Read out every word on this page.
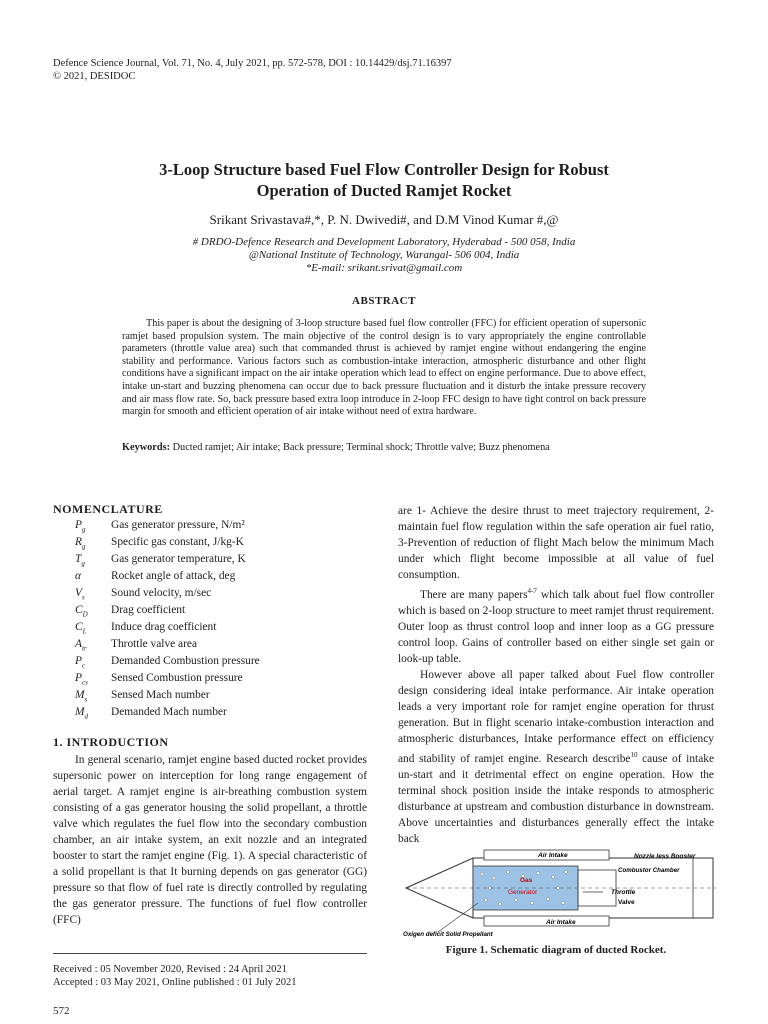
Defence Science Journal, Vol. 71, No. 4, July 2021, pp. 572-578, DOI : 10.14429/dsj.71.16397
© 2021, DESIDOC
3-Loop Structure based Fuel Flow Controller Design for Robust
Operation of Ducted Ramjet Rocket
Srikant Srivastava#,*, P. N. Dwivedi#, and D.M Vinod Kumar #,@
# DRDO-Defence Research and Development Laboratory, Hyderabad - 500 058, India
@National Institute of Technology, Warangal- 506 004, India
*E-mail: srikant.srivat@gmail.com
ABSTRACT
This paper is about the designing of 3-loop structure based fuel flow controller (FFC) for efficient operation of supersonic ramjet based propulsion system. The main objective of the control design is to vary appropriately the engine controllable parameters (throttle value area) such that commanded thrust is achieved by ramjet engine without endangering the engine stability and performance. Various factors such as combustion-intake interaction, atmospheric disturbance and other flight conditions have a significant impact on the air intake operation which lead to effect on engine performance. Due to above effect, intake un-start and buzzing phenomena can occur due to back pressure fluctuation and it disturb the intake pressure recovery and air mass flow rate. So, back pressure based extra loop introduce in 2-loop FFC design to have tight control on back pressure margin for smooth and efficient operation of air intake without need of extra hardware.
Keywords: Ducted ramjet; Air intake; Back pressure; Terminal shock; Throttle valve; Buzz phenomena
NOMENCLATURE
$P_g$ Gas generator pressure, N/m²
$R_g$ Specific gas constant, J/kg-K
$T_g$ Gas generator temperature, K
α	Rocket angle of attack, deg
$V_s$ Sound velocity, m/sec
$C_D$ Drag coefficient
$C_L$ Induce drag coefficient
$A_{tr}$ Throttle valve area
$P_c$ Demanded Combustion pressure
$P_{cs}$ Sensed Combustion pressure
$M_s$ Sensed Mach number
$M_d$ Demanded Mach number
1. INTRODUCTION
In general scenario, ramjet engine based ducted rocket provides supersonic power on interception for long range engagement of aerial target. A ramjet engine is air-breathing combustion system consisting of a gas generator housing the solid propellant, a throttle valve which regulates the fuel flow into the secondary combustion chamber, an air intake system, an exit nozzle and an integrated booster to start the ramjet engine (Fig. 1). A special characteristic of a solid propellant is that It burning depends on gas generator (GG) pressure so that flow of fuel rate is directly controlled by regulating the gas generator pressure. The functions of fuel flow controller (FFC)
Received : 05 November 2020, Revised : 24 April 2021
Accepted : 03 May 2021, Online published : 01 July 2021
572

are 1- Achieve the desire thrust to meet trajectory requirement, 2- maintain fuel flow regulation within the safe operation air fuel ratio, 3-Prevention of reduction of flight Mach below the minimum Mach under which flight become impossible at all value of fuel consumption.

There are many papers$^{4-7}$ which talk about fuel flow controller which is based on 2-loop structure to meet ramjet thrust requirement. Outer loop as thrust control loop and inner loop as a GG pressure control loop. Gains of controller based on either single set gain or look-up table.

However above all paper talked about Fuel flow controller design considering ideal intake performance. Air intake operation leads a very important role for ramjet engine operation for thrust generation. But in flight scenario intake-combustion interaction and atmospheric disturbances, Intake performance effect on efficiency and stability of ramjet engine. Research describe$^{10}$ cause of intake un-start and it detrimental effect on engine operation. How the terminal shock position inside the intake responds to atmospheric disturbance at upstream and combustion disturbance in downstream. Above uncertainties and disturbances generally effect the intake back

Air Intake	Nozzle less Booster
Gas
Generator
Combustor Chamber
Throttle
Valve
Air Intake
Oxigen deficit Solid Propellant
Figure 1. Schematic diagram of ducted Rocket.
